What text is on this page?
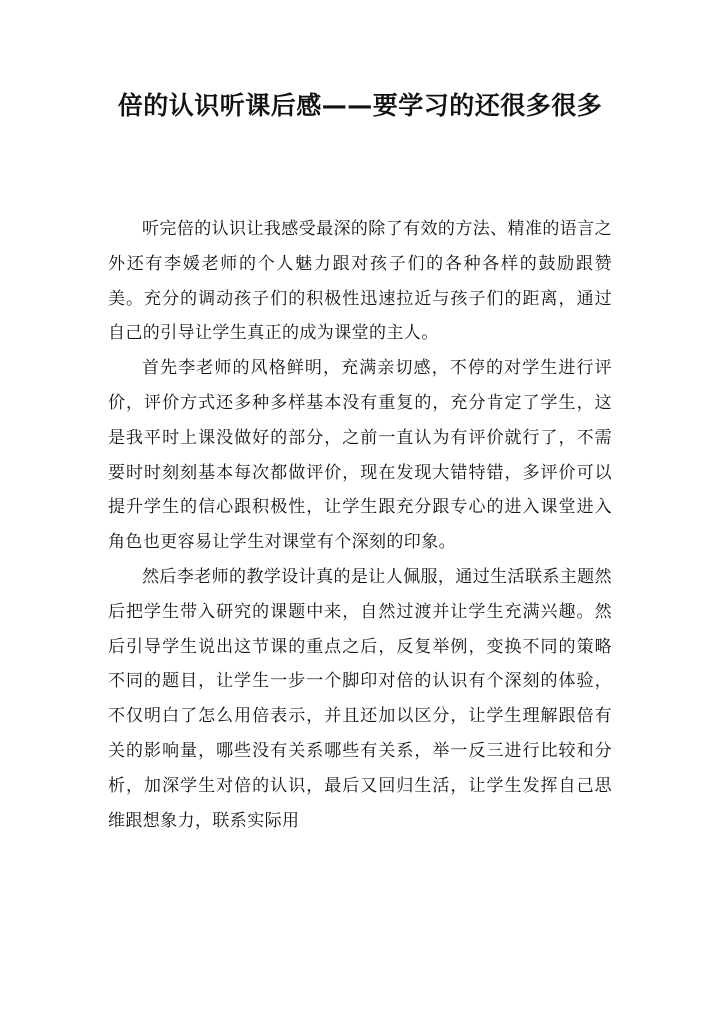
倍的认识听课后感——要学习的还很多很多

听完倍的认识让我感受最深的除了有效的方法、精准的语言之外还有李媛老师的个人魅力跟对孩子们的各种各样的鼓励跟赞美。充分的调动孩子们的积极性迅速拉近与孩子们的距离，通过自己的引导让学生真正的成为课堂的主人。

首先李老师的风格鲜明，充满亲切感，不停的对学生进行评价，评价方式还多种多样基本没有重复的，充分肯定了学生，这是我平时上课没做好的部分，之前一直认为有评价就行了，不需要时时刻刻基本每次都做评价，现在发现大错特错，多评价可以提升学生的信心跟积极性，让学生跟充分跟专心的进入课堂进入角色也更容易让学生对课堂有个深刻的印象。

然后李老师的教学设计真的是让人佩服，通过生活联系主题然后把学生带入研究的课题中来，自然过渡并让学生充满兴趣。然后引导学生说出这节课的重点之后，反复举例，变换不同的策略不同的题目，让学生一步一个脚印对倍的认识有个深刻的体验，不仅明白了怎么用倍表示，并且还加以区分，让学生理解跟倍有关的影响量，哪些没有关系哪些有关系，举一反三进行比较和分析，加深学生对倍的认识，最后又回归生活，让学生发挥自己思维跟想象力，联系实际用
